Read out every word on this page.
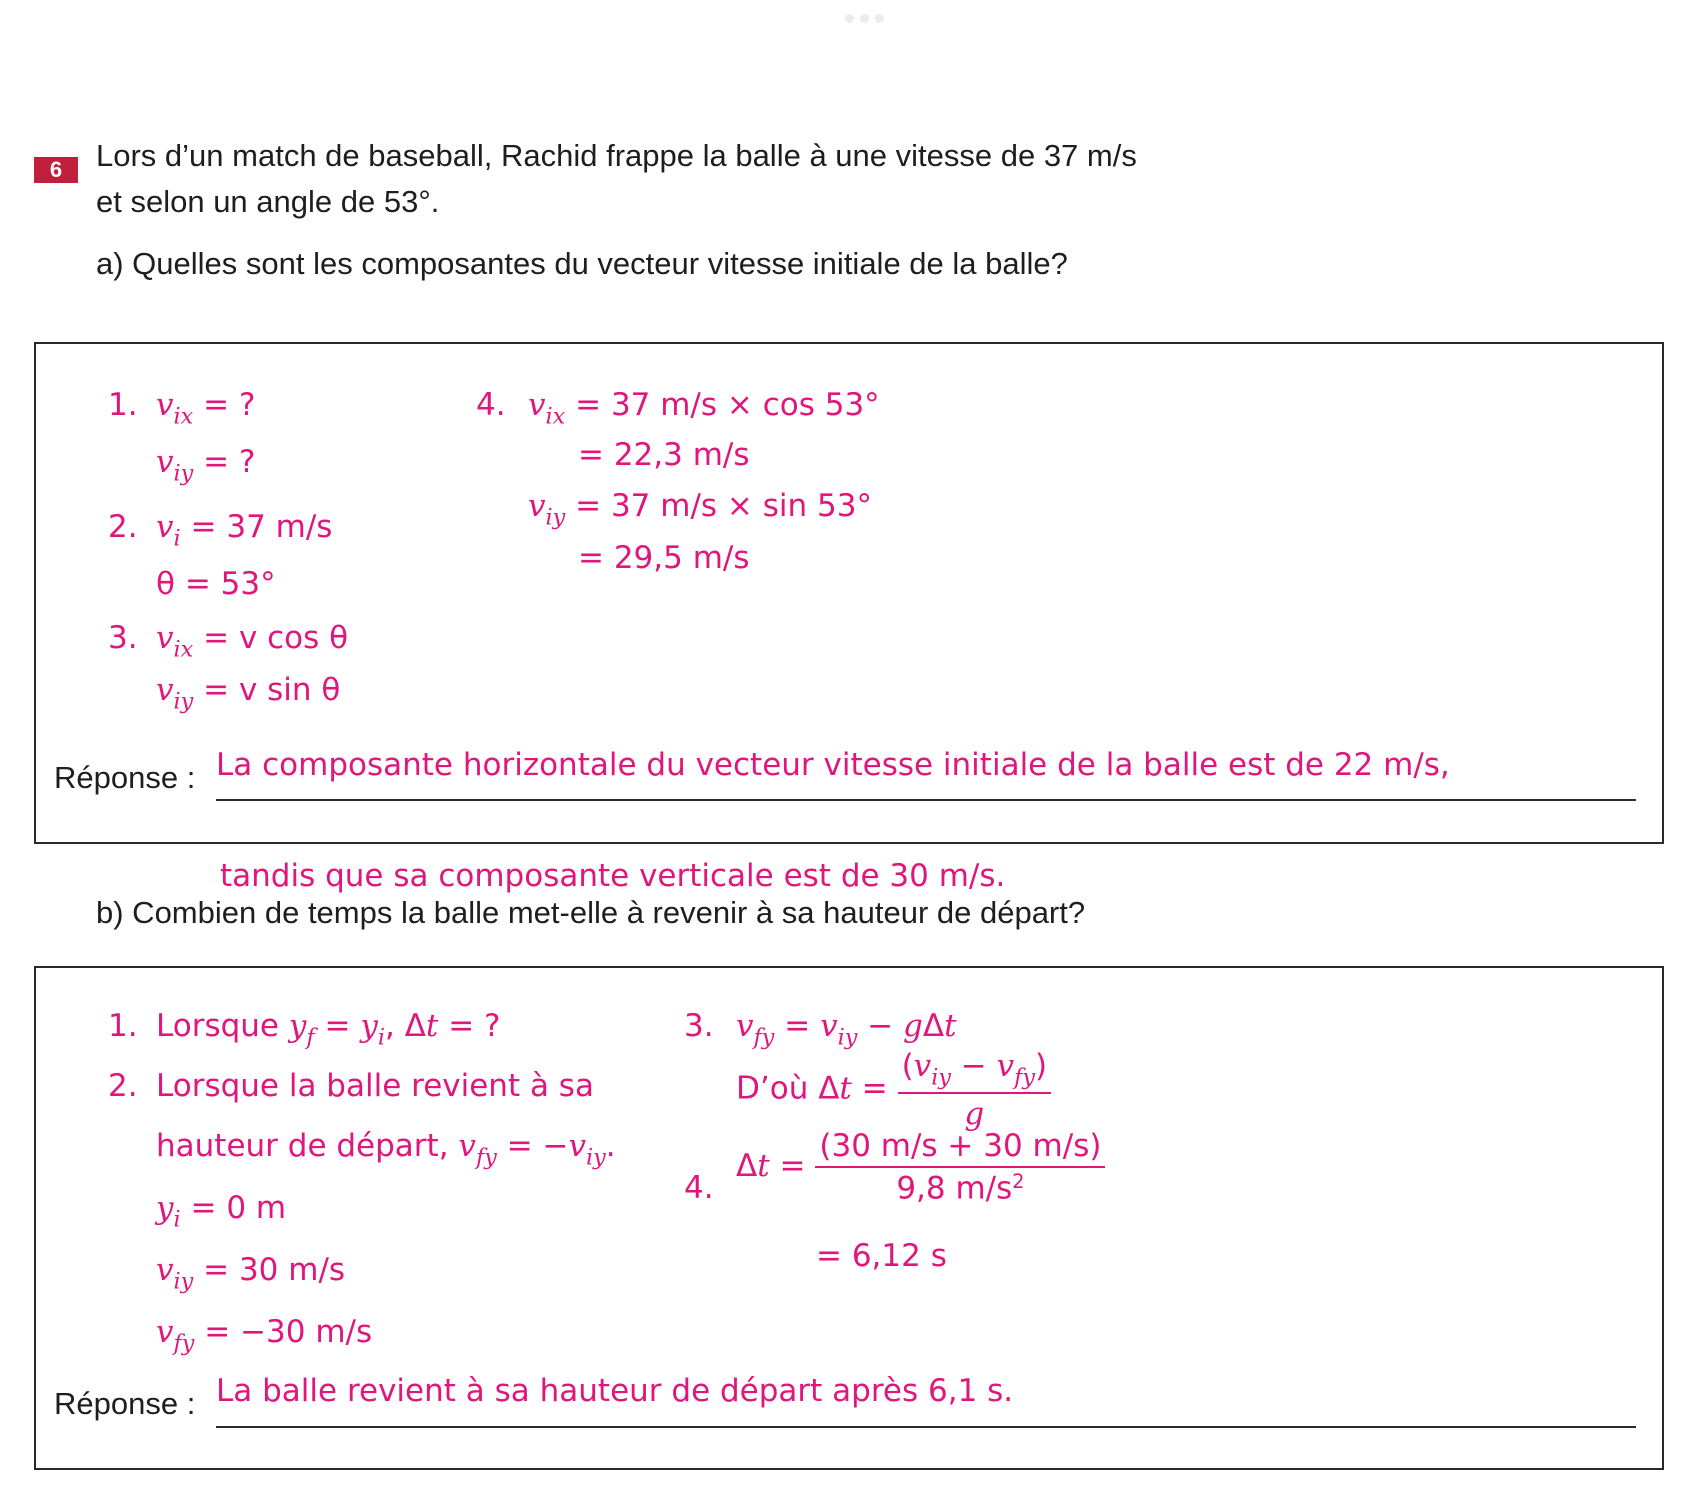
6	Lors d’un match de baseball, Rachid frappe la balle à une vitesse de 37 m/s
et selon un angle de 53°.
a) Quelles sont les composantes du vecteur vitesse initiale de la balle?
1. $v_{ix}$ = ?
$v_{iy}$ = ?
2. $v_i = 37$ m/s
θ = 53°
3. $v_{ix} = v$ cos θ
$v_{iy} = v$ sin θ
4. $v_{ix} = 37$ m/s × cos 53°
= 22,3 m/s
$v_{iy} = 37$ m/s × sin 53°
= 29,5 m/s
Réponse : La composante horizontale du vecteur vitesse initiale de la balle est de 22 m/s,
tandis que sa composante verticale est de 30 m/s.
b) Combien de temps la balle met-elle à revenir à sa hauteur de départ?
1. Lorsque $y_f = y_i$, Δt = ?
2. Lorsque la balle revient à sa
hauteur de départ, $v_{fy} = -v_{iy}$.
$y_i = 0$ m
$v_{iy} = 30$ m/s
$v_{fy} = -30$ m/s
3. $v_{fy} = v_{iy} - g\Delta t$
D’où $\Delta t = \frac{(v_{iy} - v_{fy})}{g}$
4.
$\Delta t = \frac{(30 m/s + 30 m/s)}{9,8 m/s^2}$
= 6,12 s
Réponse : La balle revient à sa hauteur de départ après 6,1 s.
